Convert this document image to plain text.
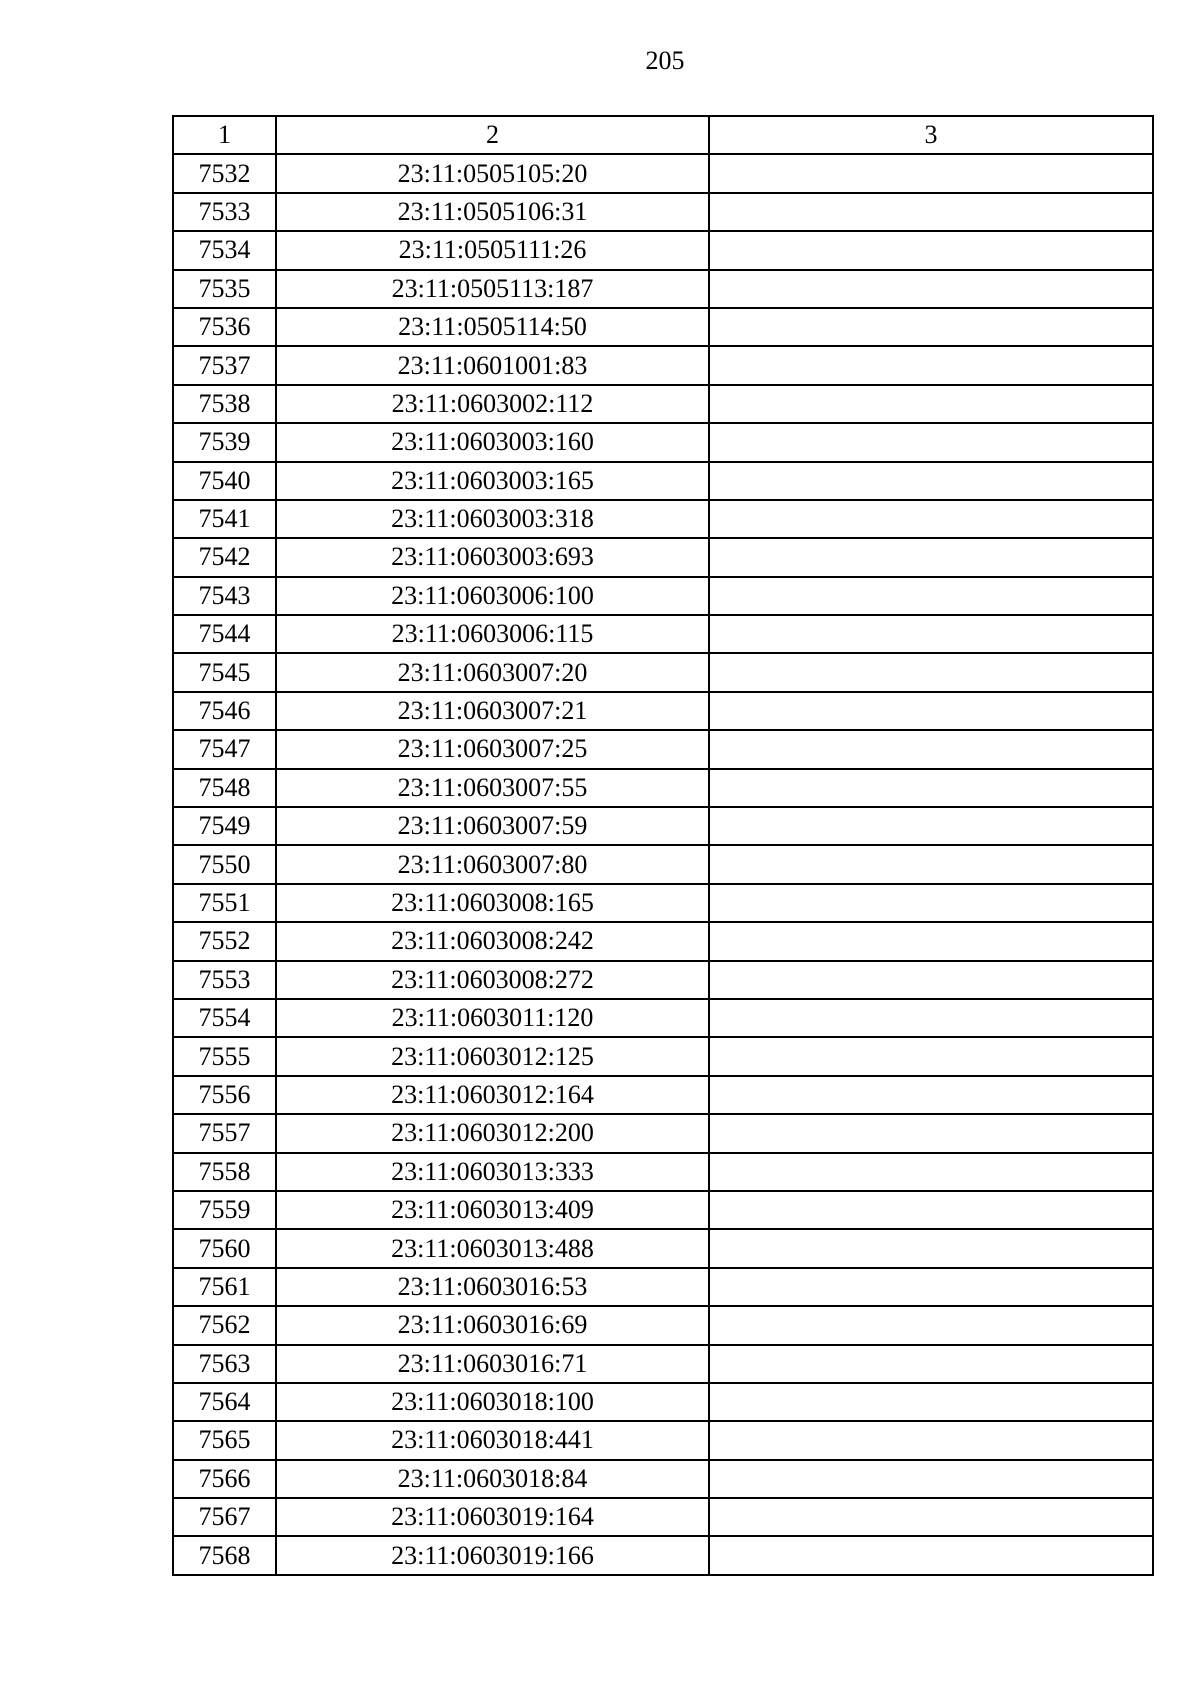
205
1	2	3
7532	23:11:0505105:20	
7533	23:11:0505106:31	
7534	23:11:0505111:26	
7535	23:11:0505113:187	
7536	23:11:0505114:50	
7537	23:11:0601001:83	
7538	23:11:0603002:112	
7539	23:11:0603003:160	
7540	23:11:0603003:165	
7541	23:11:0603003:318	
7542	23:11:0603003:693	
7543	23:11:0603006:100	
7544	23:11:0603006:115	
7545	23:11:0603007:20	
7546	23:11:0603007:21	
7547	23:11:0603007:25	
7548	23:11:0603007:55	
7549	23:11:0603007:59	
7550	23:11:0603007:80	
7551	23:11:0603008:165	
7552	23:11:0603008:242	
7553	23:11:0603008:272	
7554	23:11:0603011:120	
7555	23:11:0603012:125	
7556	23:11:0603012:164	
7557	23:11:0603012:200	
7558	23:11:0603013:333	
7559	23:11:0603013:409	
7560	23:11:0603013:488	
7561	23:11:0603016:53	
7562	23:11:0603016:69	
7563	23:11:0603016:71	
7564	23:11:0603018:100	
7565	23:11:0603018:441	
7566	23:11:0603018:84	
7567	23:11:0603019:164	
7568	23:11:0603019:166	
